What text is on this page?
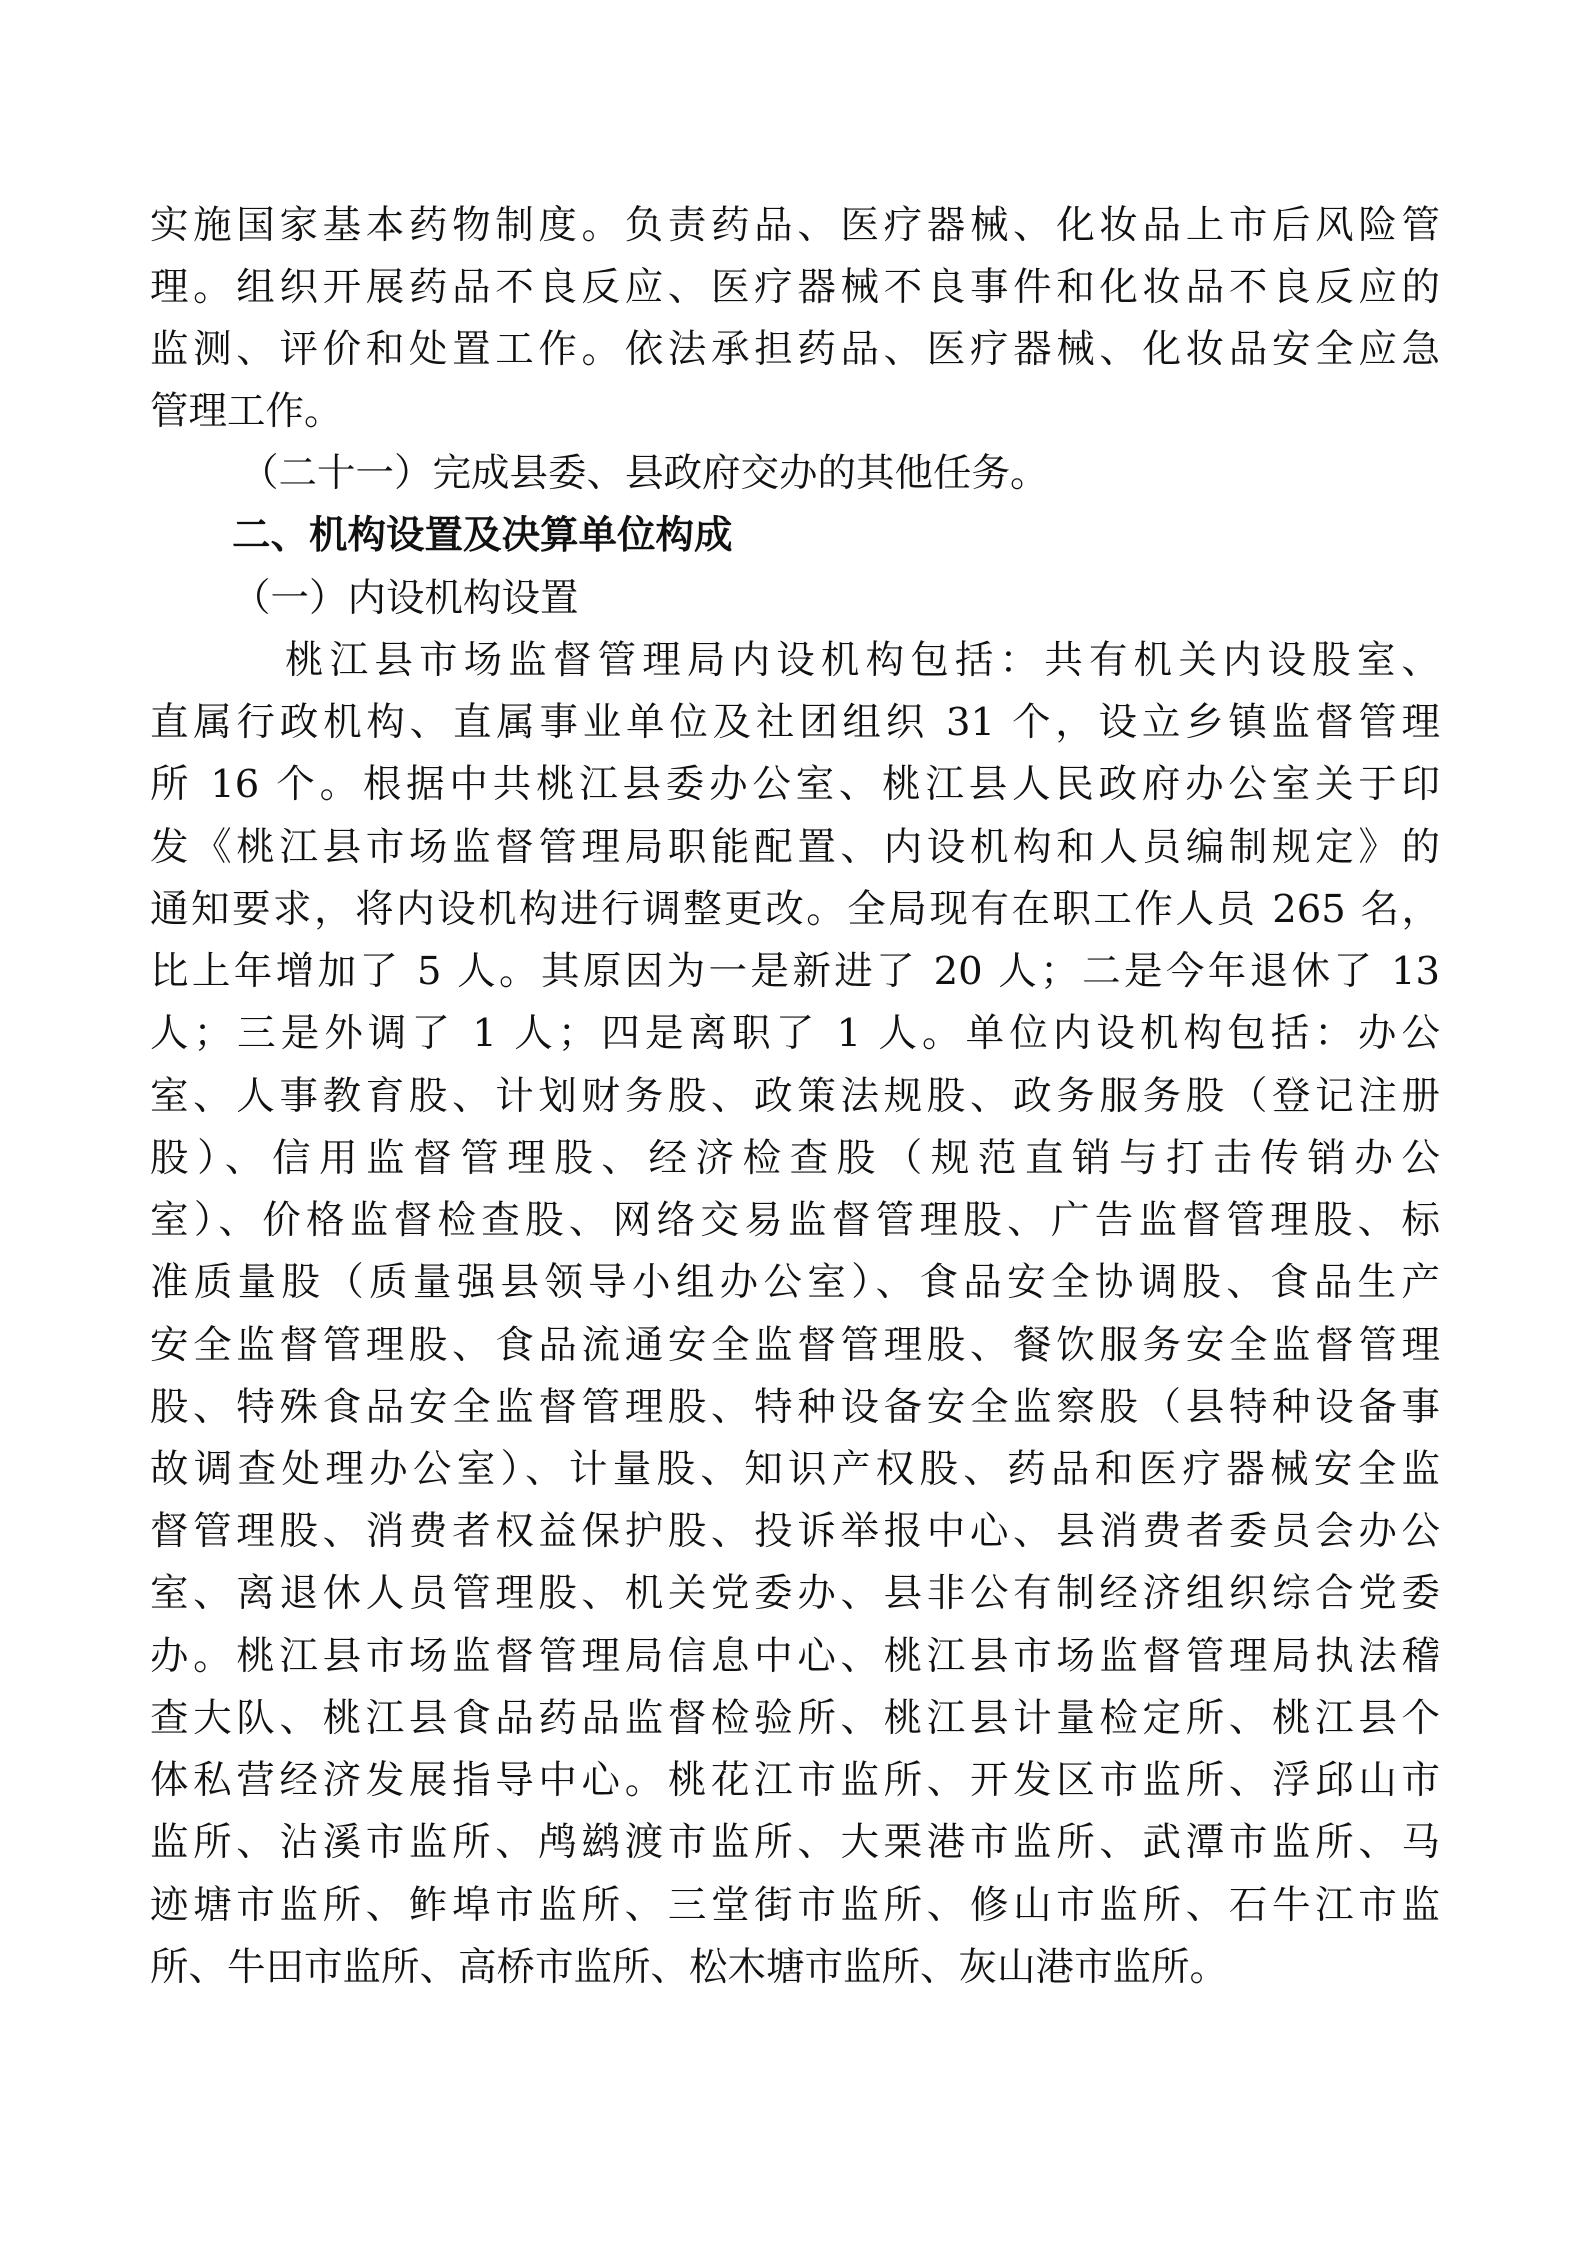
实施国家基本药物制度。负责药品、医疗器械、化妆品上市后风险管
理。组织开展药品不良反应、医疗器械不良事件和化妆品不良反应的
监测、评价和处置工作。依法承担药品、医疗器械、化妆品安全应急
管理工作。
（二十一）完成县委、县政府交办的其他任务。
二、机构设置及决算单位构成
（一）内设机构设置
桃江县市场监督管理局内设机构包括：共有机关内设股室、
直属行政机构、直属事业单位及社团组织 31 个，设立乡镇监督管理
所 16 个。根据中共桃江县委办公室、桃江县人民政府办公室关于印
发《桃江县市场监督管理局职能配置、内设机构和人员编制规定》的
通知要求，将内设机构进行调整更改。全局现有在职工作人员 265 名，
比上年增加了 5 人。其原因为一是新进了 20 人；二是今年退休了 13
人；三是外调了 1 人；四是离职了 1 人。单位内设机构包括：办公
室、人事教育股、计划财务股、政策法规股、政务服务股（登记注册
股）、信用监督管理股、经济检查股（规范直销与打击传销办公
室）、价格监督检查股、网络交易监督管理股、广告监督管理股、标
准质量股（质量强县领导小组办公室）、食品安全协调股、食品生产
安全监督管理股、食品流通安全监督管理股、餐饮服务安全监督管理
股、特殊食品安全监督管理股、特种设备安全监察股（县特种设备事
故调查处理办公室）、计量股、知识产权股、药品和医疗器械安全监
督管理股、消费者权益保护股、投诉举报中心、县消费者委员会办公
室、离退休人员管理股、机关党委办、县非公有制经济组织综合党委
办。桃江县市场监督管理局信息中心、桃江县市场监督管理局执法稽
查大队、桃江县食品药品监督检验所、桃江县计量检定所、桃江县个
体私营经济发展指导中心。桃花江市监所、开发区市监所、浮邱山市
监所、沾溪市监所、鸬鹚渡市监所、大栗港市监所、武潭市监所、马
迹塘市监所、鲊埠市监所、三堂街市监所、修山市监所、石牛江市监
所、牛田市监所、高桥市监所、松木塘市监所、灰山港市监所。
